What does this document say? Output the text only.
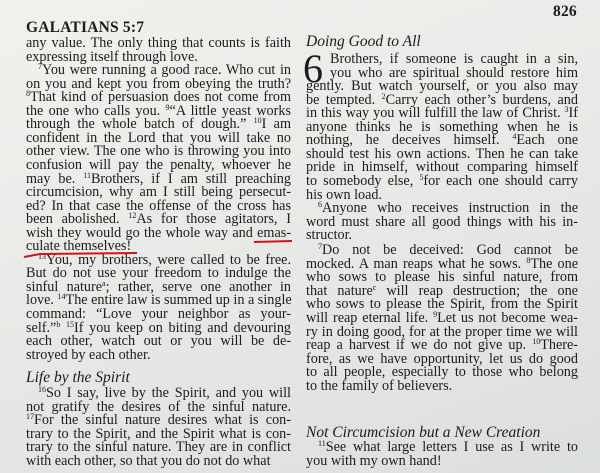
GALATIANS 5:7
826
any value. The only thing that counts is faith
expressing itself through love.
$^7$You were running a good race. Who cut in
on you and kept you from obeying the truth?
$^8$That kind of persuasion does not come from
the one who calls you. $^9$“A little yeast works
through the whole batch of dough.” $^{10}$I am
confident in the Lord that you will take no
other view. The one who is throwing you into
confusion will pay the penalty, whoever he
may be. $^{11}$Brothers, if I am still preaching
circumcision, why am I still being persecut-
ed? In that case the offense of the cross has
been abolished. $^{12}$As for those agitators, I
wish they would go the whole way and emas-
culate themselves!
$^{13}$You, my brothers, were called to be free.
But do not use your freedom to indulge the
sinful nature$^a$; rather, serve one another in
love. $^{14}$The entire law is summed up in a single
command: “Love your neighbor as your-
self.”$^b$ $^{15}$If you keep on biting and devouring
each other, watch out or you will be de-
stroyed by each other.
Life by the Spirit
$^{16}$So I say, live by the Spirit, and you will
not gratify the desires of the sinful nature.
$^{17}$For the sinful nature desires what is con-
trary to the Spirit, and the Spirit what is con-
trary to the sinful nature. They are in conflict
with each other, so that you do not do what
Doing Good to All
Brothers, if someone is caught in a sin,
you who are spiritual should restore him
gently. But watch yourself, or you also may
be tempted. $^2$Carry each other’s burdens, and
in this way you will fulfill the law of Christ. $^3$If
anyone thinks he is something when he is
nothing, he deceives himself. $^4$Each one
should test his own actions. Then he can take
pride in himself, without comparing himself
to somebody else, $^5$for each one should carry
his own load.
$^6$Anyone who receives instruction in the
word must share all good things with his in-
structor.
$^7$Do not be deceived: God cannot be
mocked. A man reaps what he sows. $^8$The one
who sows to please his sinful nature, from
that nature$^c$ will reap destruction; the one
who sows to please the Spirit, from the Spirit
will reap eternal life. $^9$Let us not become wea-
ry in doing good, for at the proper time we will
reap a harvest if we do not give up. $^{10}$There-
fore, as we have opportunity, let us do good
to all people, especially to those who belong
to the family of believers.
Not Circumcision but a New Creation
$^{11}$See what large letters I use as I write to
you with my own hand!
6
